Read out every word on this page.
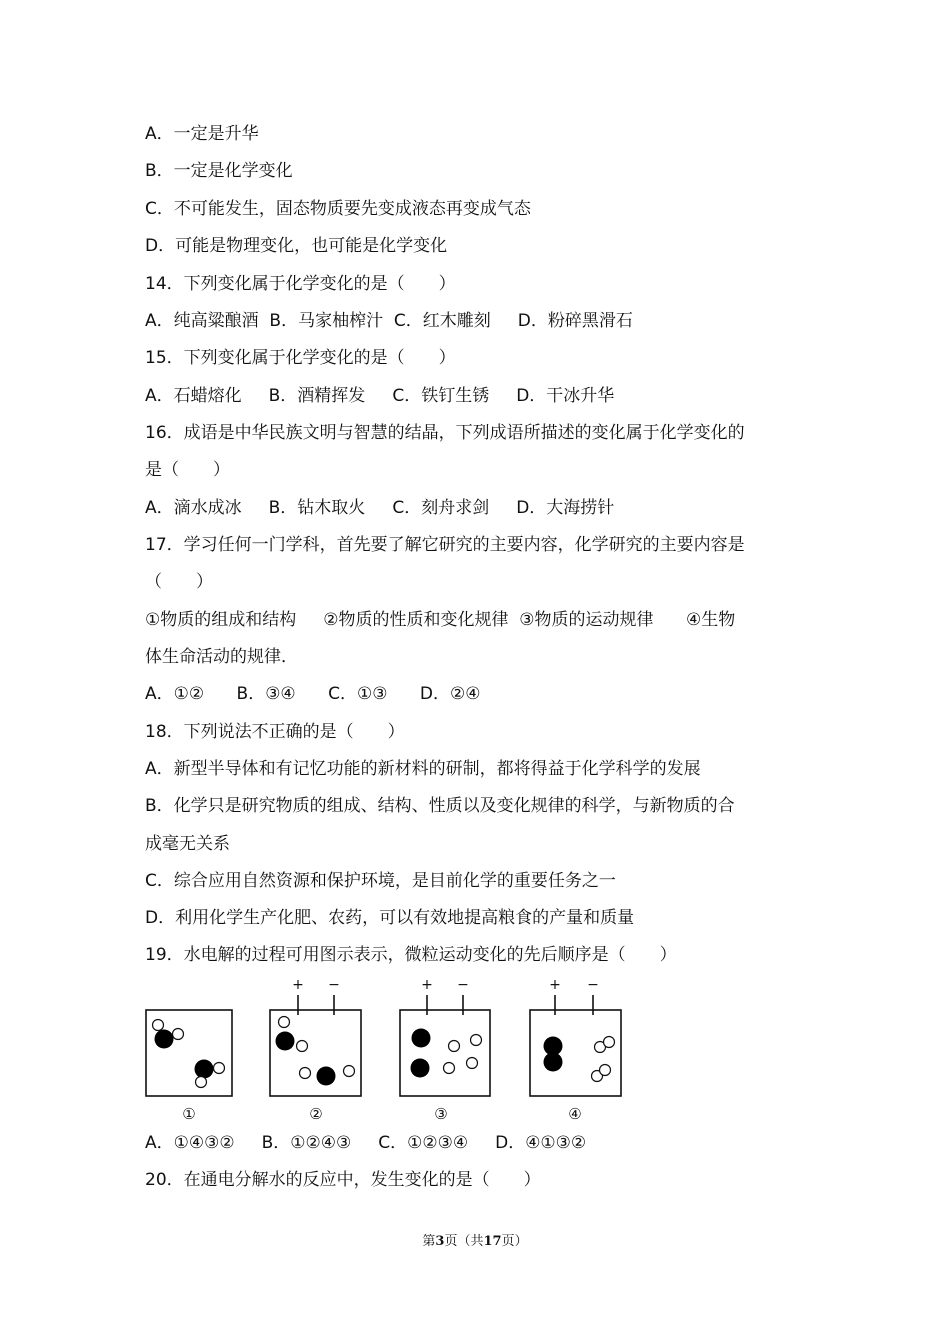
A．一定是升华
B．一定是化学变化
C．不可能发生，固态物质要先变成液态再变成气态
D．可能是物理变化，也可能是化学变化
14．下列变化属于化学变化的是（　　）
A．纯高粱酿酒  B．马家柚榨汁  C．红木雕刻     D．粉碎黑滑石
15．下列变化属于化学变化的是（　　）
A．石蜡熔化     B．酒精挥发     C．铁钉生锈     D．干冰升华
16．成语是中华民族文明与智慧的结晶，下列成语所描述的变化属于化学变化的
是（　　）
A．滴水成冰     B．钻木取火     C．刻舟求剑     D．大海捞针
17．学习任何一门学科，首先要了解它研究的主要内容，化学研究的主要内容是
（　　）
①物质的组成和结构     ②物质的性质和变化规律  ③物质的运动规律      ④生物
体生命活动的规律．
A．①②      B．③④      C．①③      D．②④
18．下列说法不正确的是（　　）
A．新型半导体和有记忆功能的新材料的研制，都将得益于化学科学的发展
B．化学只是研究物质的组成、结构、性质以及变化规律的科学，与新物质的合
成毫无关系
C．综合应用自然资源和保护环境，是目前化学的重要任务之一
D．利用化学生产化肥、农药，可以有效地提高粮食的产量和质量
19．水电解的过程可用图示表示，微粒运动变化的先后顺序是（　　）
①
+ −
②
+ −
③
+ −
④
A．①④③②     B．①②④③     C．①②③④     D．④①③②
20．在通电分解水的反应中，发生变化的是（　　）
第3页（共17页）
